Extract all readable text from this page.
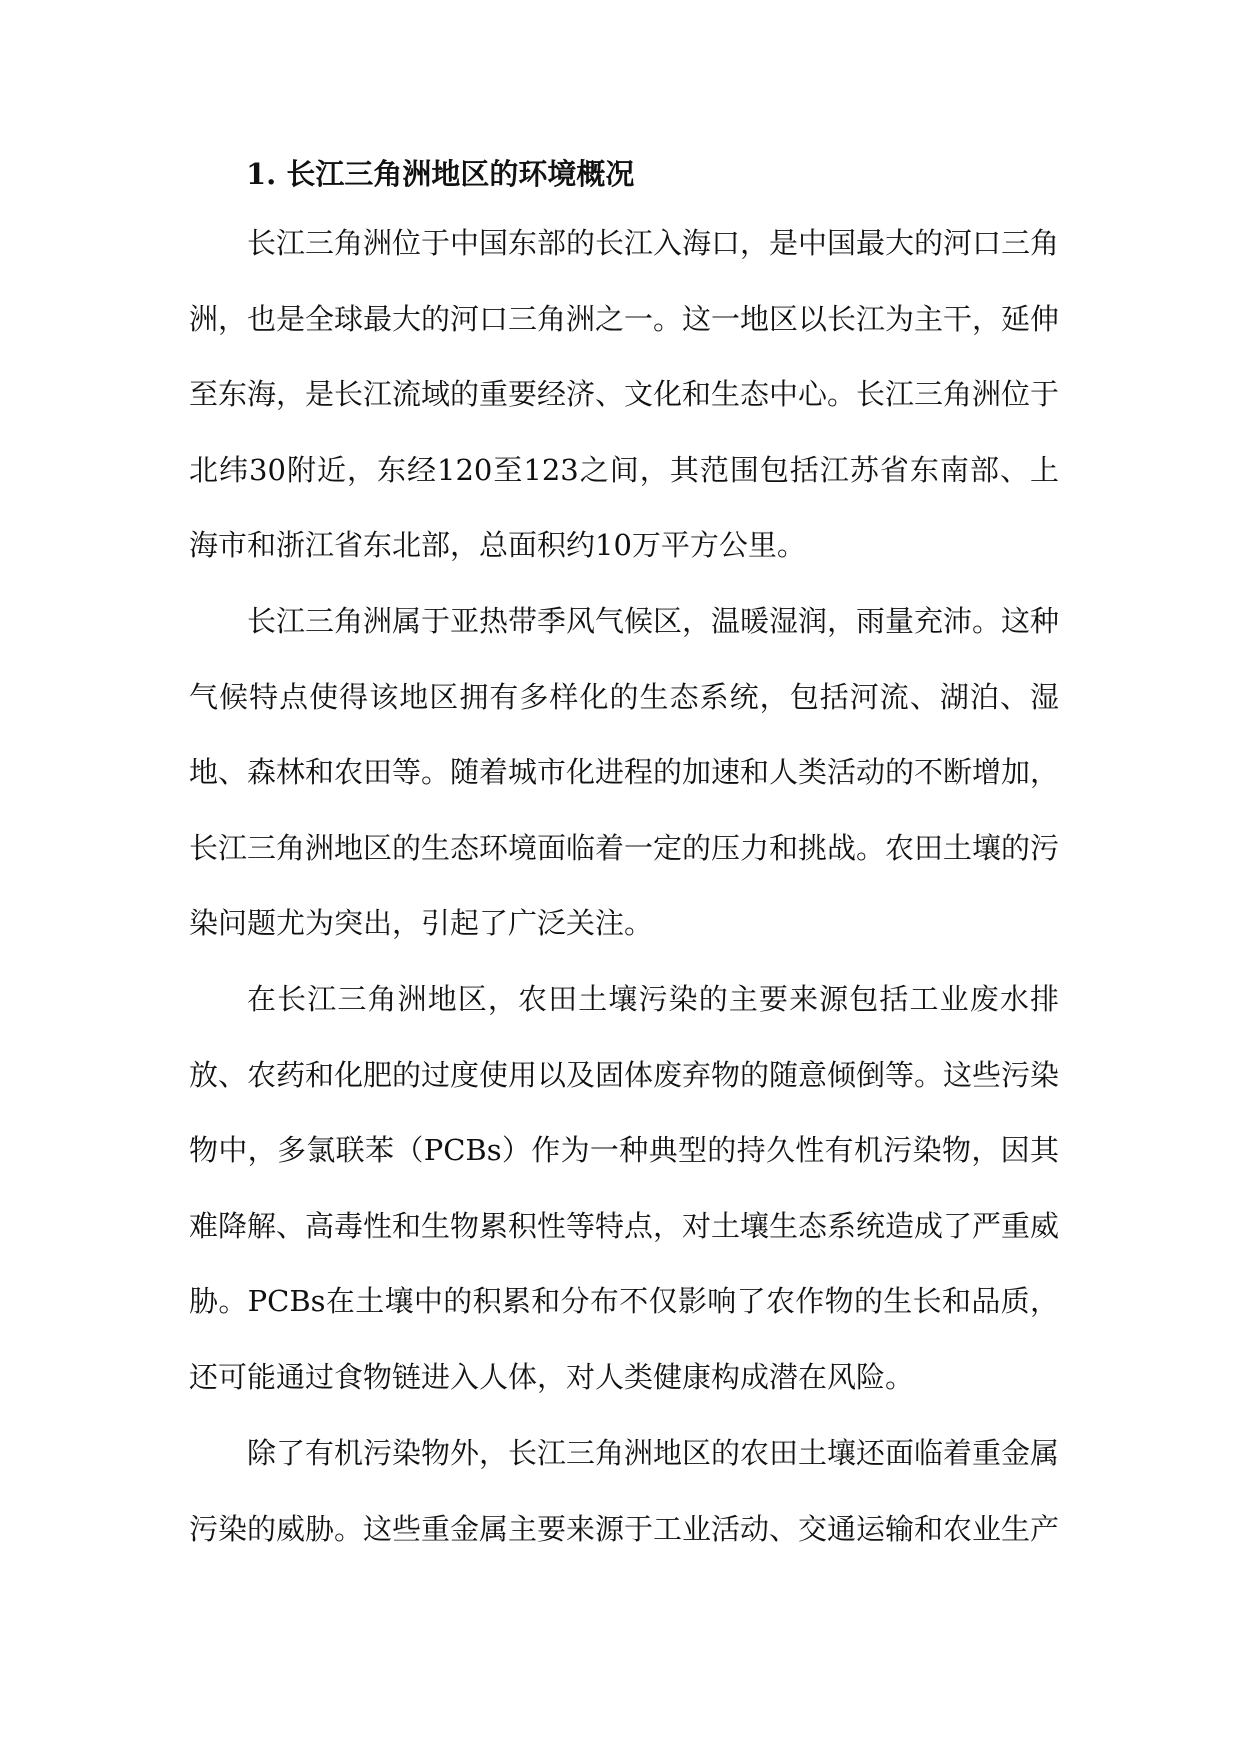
1. 长江三角洲地区的环境概况

长江三角洲位于中国东部的长江入海口，是中国最大的河口三角洲，也是全球最大的河口三角洲之一。这一地区以长江为主干，延伸至东海，是长江流域的重要经济、文化和生态中心。长江三角洲位于北纬30附近，东经120至123之间，其范围包括江苏省东南部、上海市和浙江省东北部，总面积约10万平方公里。

长江三角洲属于亚热带季风气候区，温暖湿润，雨量充沛。这种气候特点使得该地区拥有多样化的生态系统，包括河流、湖泊、湿地、森林和农田等。随着城市化进程的加速和人类活动的不断增加，长江三角洲地区的生态环境面临着一定的压力和挑战。农田土壤的污染问题尤为突出，引起了广泛关注。

在长江三角洲地区，农田土壤污染的主要来源包括工业废水排放、农药和化肥的过度使用以及固体废弃物的随意倾倒等。这些污染物中，多氯联苯（PCBs）作为一种典型的持久性有机污染物，因其难降解、高毒性和生物累积性等特点，对土壤生态系统造成了严重威胁。PCBs在土壤中的积累和分布不仅影响了农作物的生长和品质，还可能通过食物链进入人体，对人类健康构成潜在风险。

除了有机污染物外，长江三角洲地区的农田土壤还面临着重金属污染的威胁。这些重金属主要来源于工业活动、交通运输和农业生产
